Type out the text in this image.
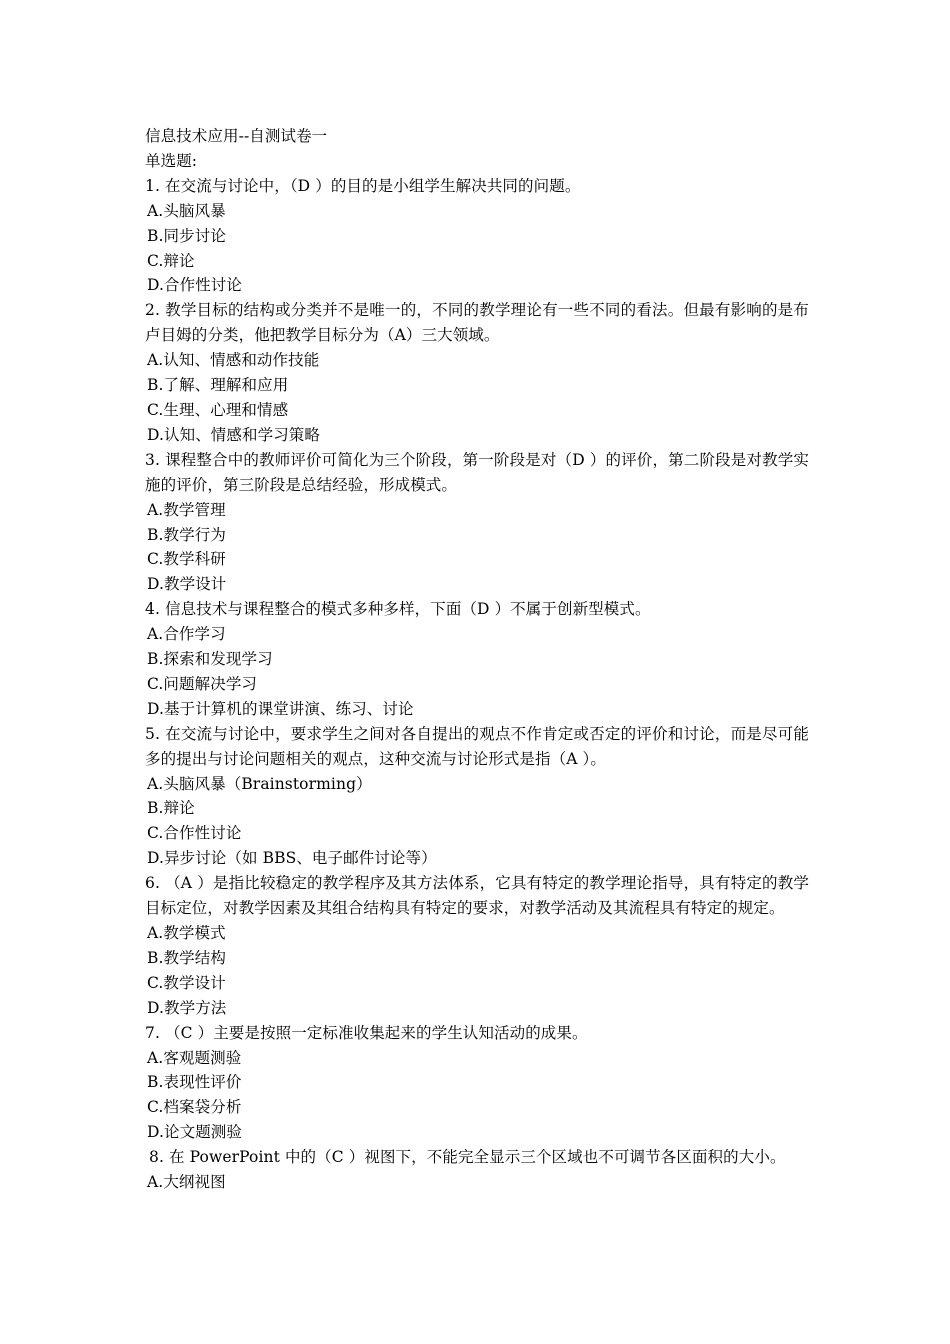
信息技术应用--自测试卷一
单选题:
1. 在交流与讨论中，（D ）的目的是小组学生解决共同的问题。
A.头脑风暴
B.同步讨论
C.辩论
D.合作性讨论
2. 教学目标的结构或分类并不是唯一的，不同的教学理论有一些不同的看法。但最有影响的是布卢目姆的分类，他把教学目标分为（A）三大领域。
A.认知、情感和动作技能
B.了解、理解和应用
C.生理、心理和情感
D.认知、情感和学习策略
3. 课程整合中的教师评价可简化为三个阶段，第一阶段是对（D ）的评价，第二阶段是对教学实施的评价，第三阶段是总结经验，形成模式。
A.教学管理
B.教学行为
C.教学科研
D.教学设计
4. 信息技术与课程整合的模式多种多样，下面（D ）不属于创新型模式。
A.合作学习
B.探索和发现学习
C.问题解决学习
D.基于计算机的课堂讲演、练习、讨论
5. 在交流与讨论中，要求学生之间对各自提出的观点不作肯定或否定的评价和讨论，而是尽可能多的提出与讨论问题相关的观点，这种交流与讨论形式是指（A ）。
A.头脑风暴（Brainstorming）
B.辩论
C.合作性讨论
D.异步讨论（如 BBS、电子邮件讨论等）
6. （A ）是指比较稳定的教学程序及其方法体系，它具有特定的教学理论指导，具有特定的教学目标定位，对教学因素及其组合结构具有特定的要求，对教学活动及其流程具有特定的规定。
A.教学模式
B.教学结构
C.教学设计
D.教学方法
7. （C ）主要是按照一定标准收集起来的学生认知活动的成果。
A.客观题测验
B.表现性评价
C.档案袋分析
D.论文题测验
8. 在 PowerPoint 中的（C ）视图下，不能完全显示三个区域也不可调节各区面积的大小。
A.大纲视图
